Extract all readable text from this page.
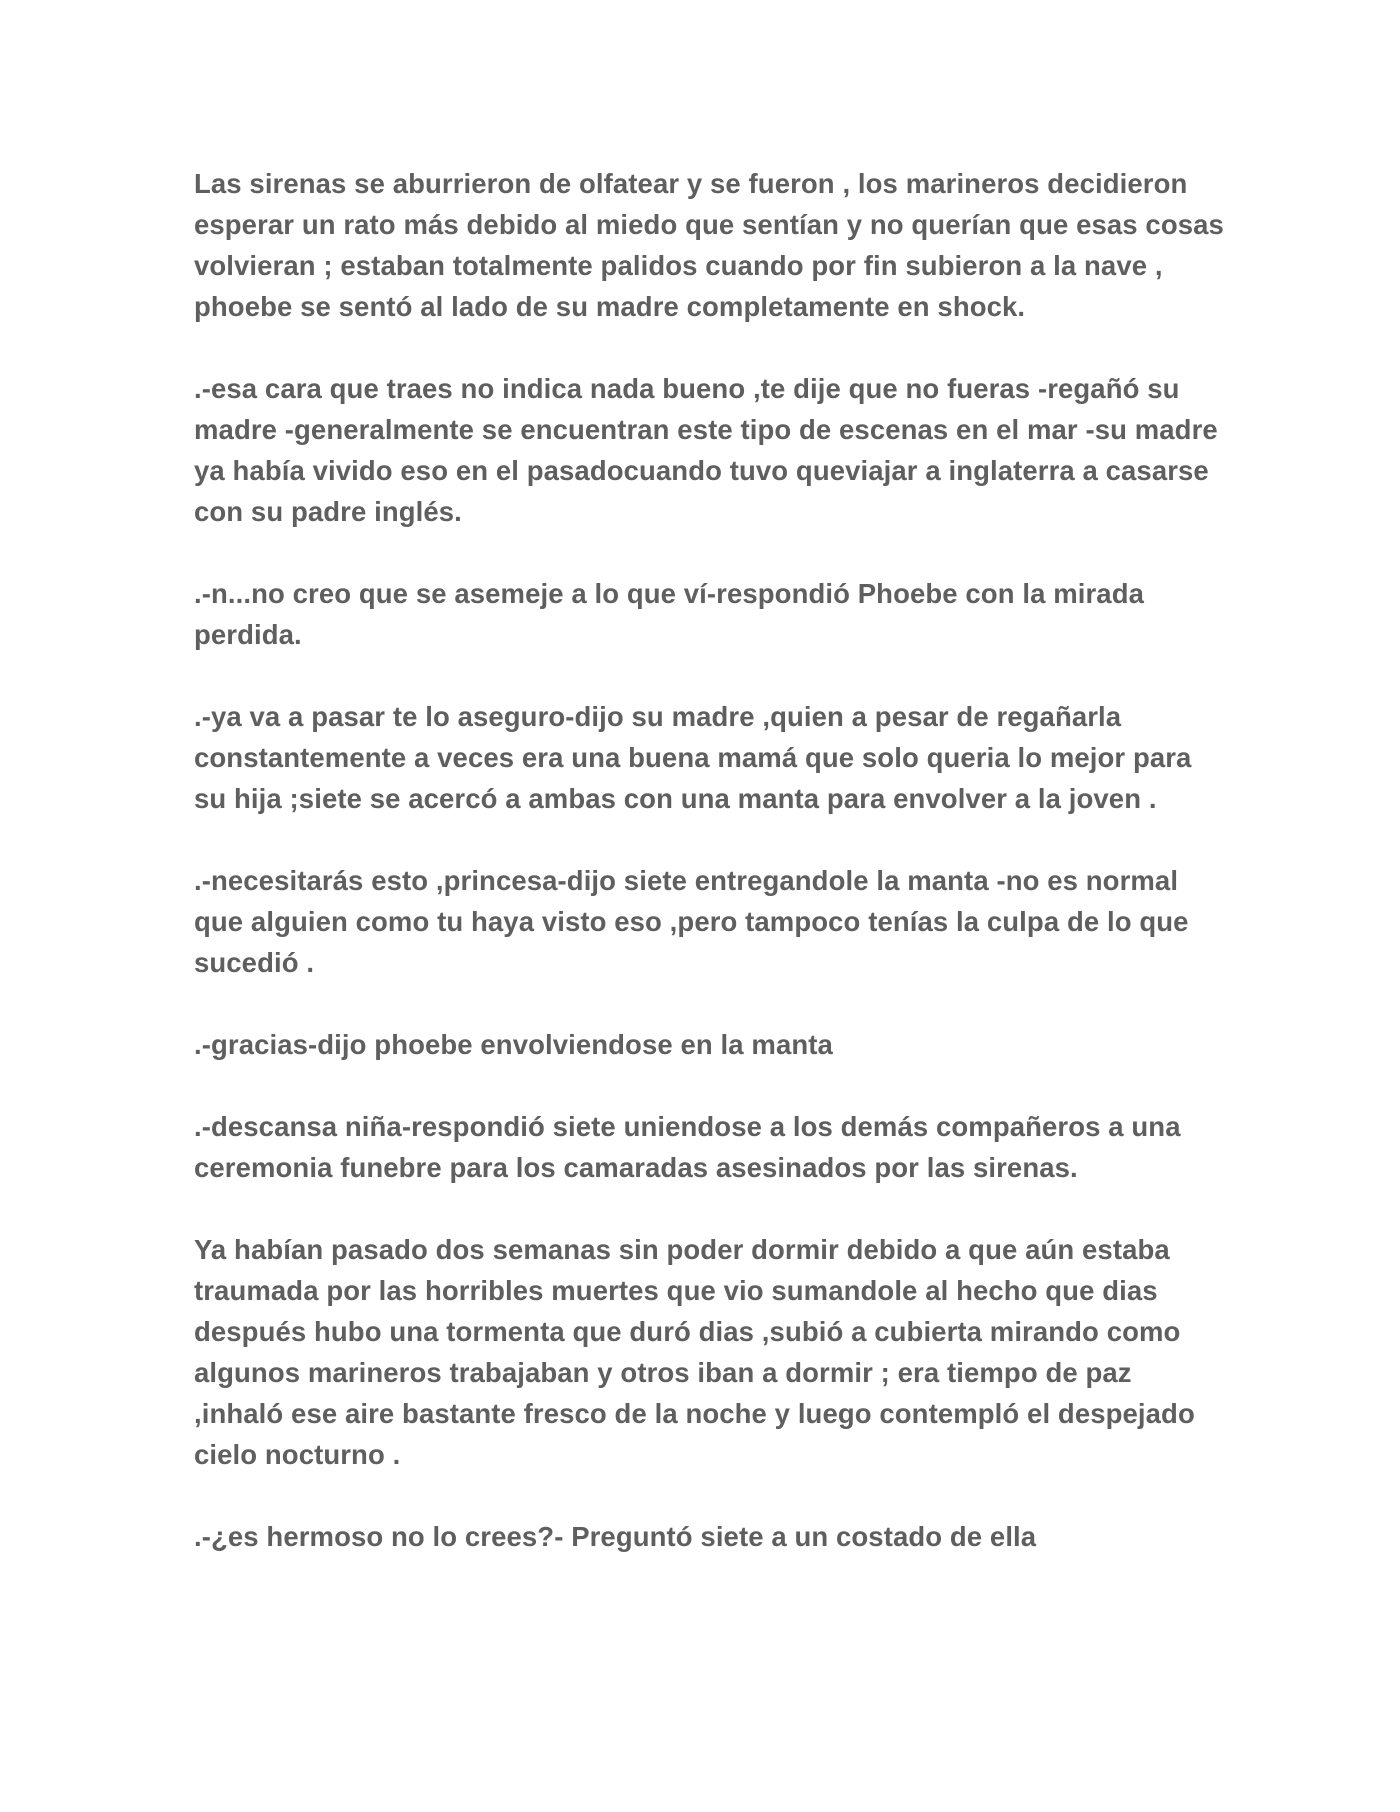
Las sirenas se aburrieron de olfatear y se fueron , los marineros decidieron esperar un rato más debido al miedo que sentían y no querían que esas cosas volvieran ; estaban totalmente palidos cuando por fin subieron a la nave , phoebe se sentó al lado de su madre completamente en shock.

.-esa cara que traes no indica nada bueno ,te dije que no fueras -regañó su madre -generalmente se encuentran este tipo de escenas en el mar -su madre ya había vivido eso en el pasadocuando tuvo queviajar a inglaterra a casarse con su padre inglés.

.-n...no creo que se asemeje a lo que ví-respondió Phoebe con la mirada perdida.

.-ya va a pasar te lo aseguro-dijo su madre ,quien a pesar de regañarla constantemente a veces era una buena mamá que solo queria lo mejor para su hija ;siete se acercó a ambas con una manta para envolver a la joven .

.-necesitarás esto ,princesa-dijo siete entregandole la manta -no es normal que alguien como tu haya visto eso ,pero tampoco tenías la culpa de lo que sucedió .

.-gracias-dijo phoebe envolviendose en la manta

.-descansa niña-respondió siete uniendose a los demás compañeros a una ceremonia funebre para los camaradas asesinados por las sirenas.

Ya habían pasado dos semanas sin poder dormir debido a que aún estaba traumada por las horribles muertes que vio sumandole al hecho que dias después hubo una tormenta que duró dias ,subió a cubierta mirando como algunos marineros trabajaban y otros iban a dormir ; era tiempo de paz ,inhaló ese aire bastante fresco de la noche y luego contempló el despejado cielo nocturno .

.-¿es hermoso no lo crees?- Preguntó siete a un costado de ella
